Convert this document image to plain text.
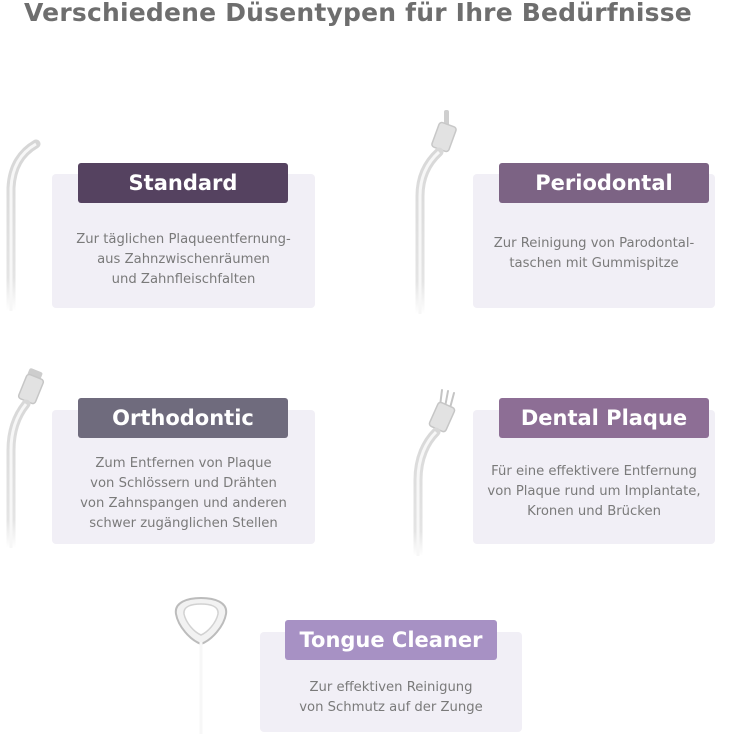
Verschiedene Düsentypen für Ihre Bedürfnisse
Zur täglichen Plaqueentfernung-
aus Zahnzwischenräumen
und Zahnfleischfalten
Standard
Zur Reinigung von Parodontal-
taschen mit Gummispitze
Periodontal
Zum Entfernen von Plaque
von Schlössern und Drähten
von Zahnspangen und anderen
schwer zugänglichen Stellen
Orthodontic
Für eine effektivere Entfernung
von Plaque rund um Implantate,
Kronen und Brücken
Dental Plaque
Zur effektiven Reinigung
von Schmutz auf der Zunge
Tongue Cleaner
